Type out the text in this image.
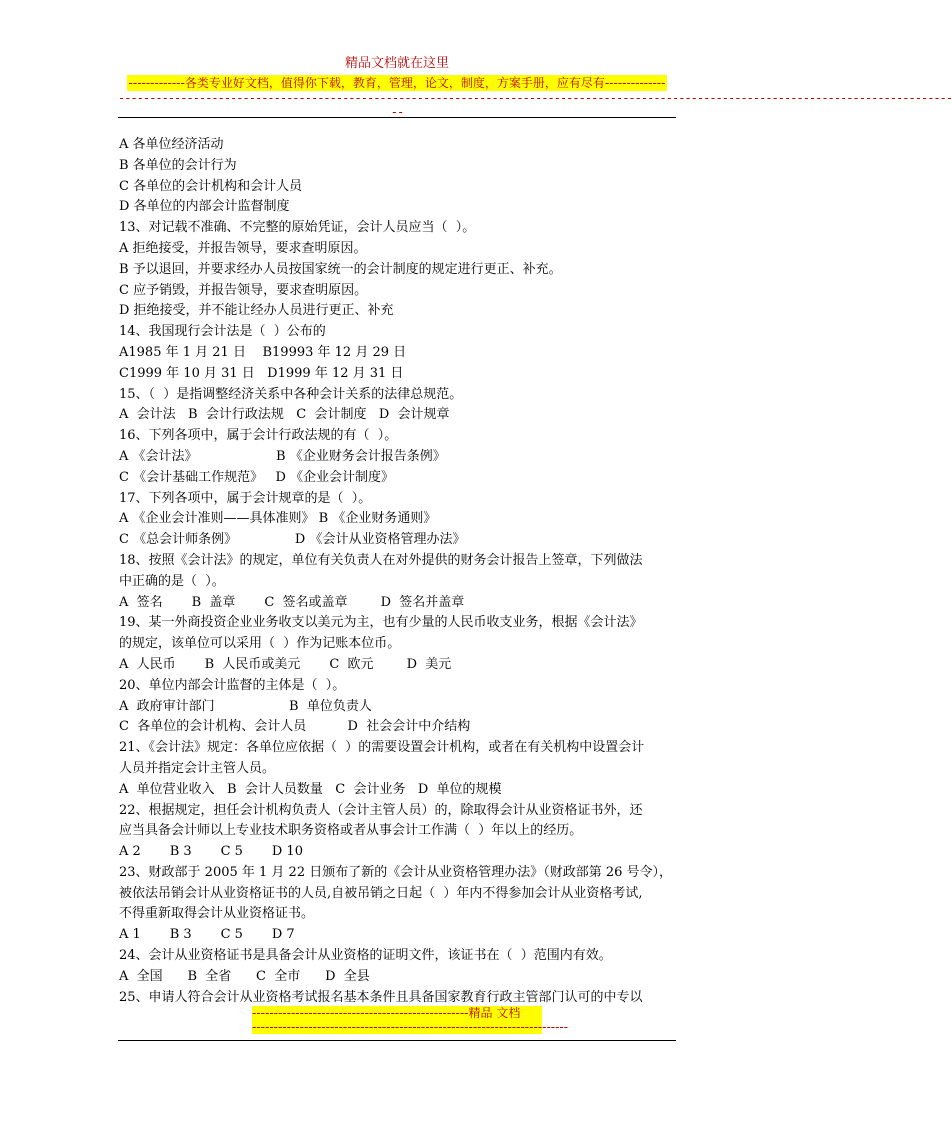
精品文档就在这里
-------------各类专业好文档，值得你下载，教育，管理，论文，制度，方案手册，应有尽有--------------
--------------------------------------------------------------------------------------------------------------------------------------
--
A 各单位经济活动
B 各单位的会计行为
C 各单位的会计机构和会计人员
D 各单位的内部会计监督制度
13、对记载不准确、不完整的原始凭证，会计人员应当（  ）。
A 拒绝接受，并报告领导，要求查明原因。
B 予以退回，并要求经办人员按国家统一的会计制度的规定进行更正、补充。
C 应予销毁，并报告领导，要求查明原因。
D 拒绝接受，并不能让经办人员进行更正、补充
14、我国现行会计法是（  ）公布的
A1985 年 1 月 21 日    B19993 年 12 月 29 日
C1999 年 10 月 31 日   D1999 年 12 月 31 日
15、（  ）是指调整经济关系中各种会计关系的法律总规范。
A  会计法   B  会计行政法规   C  会计制度   D  会计规章
16、下列各项中，属于会计行政法规的有（  ）。
A 《会计法》                   B 《企业财务会计报告条例》
C 《会计基础工作规范》   D 《企业会计制度》
17、下列各项中，属于会计规章的是（  ）。
A 《企业会计准则——具体准则》 B 《企业财务通则》
C 《总会计师条例》              D 《会计从业资格管理办法》
18、按照《会计法》的规定，单位有关负责人在对外提供的财务会计报告上签章，下列做法
中正确的是（  ）。
A  签名       B  盖章       C  签名或盖章        D  签名并盖章
19、某一外商投资企业业务收支以美元为主，也有少量的人民币收支业务，根据《会计法》
的规定，该单位可以采用（  ）作为记账本位币。
A  人民币       B  人民币或美元       C  欧元        D  美元
20、单位内部会计监督的主体是（  ）。
A  政府审计部门                  B  单位负责人
C  各单位的会计机构、会计人员          D  社会会计中介结构
21、《会计法》规定：各单位应依据（  ）的需要设置会计机构，或者在有关机构中设置会计
人员并指定会计主管人员。
A  单位营业收入   B  会计人员数量   C  会计业务   D  单位的规模
22、根据规定，担任会计机构负责人（会计主管人员）的，除取得会计从业资格证书外，还
应当具备会计师以上专业技术职务资格或者从事会计工作满（  ）年以上的经历。
A 2       B 3       C 5       D 10
23、财政部于 2005 年 1 月 22 日颁布了新的《会计从业资格管理办法》（财政部第 26 号令），
被依法吊销会计从业资格证书的人员,自被吊销之日起（  ）年内不得参加会计从业资格考试,
不得重新取得会计从业资格证书。
A 1       B 3       C 5       D 7
24、会计从业资格证书是具备会计从业资格的证明文件，该证书在（  ）范围内有效。
A  全国      B  全省      C  全市      D  全县
25、申请人符合会计从业资格考试报名基本条件且具备国家教育行政主管部门认可的中专以
--------------------------------------------------精品 文档
-------------------------------------------------------------------------
